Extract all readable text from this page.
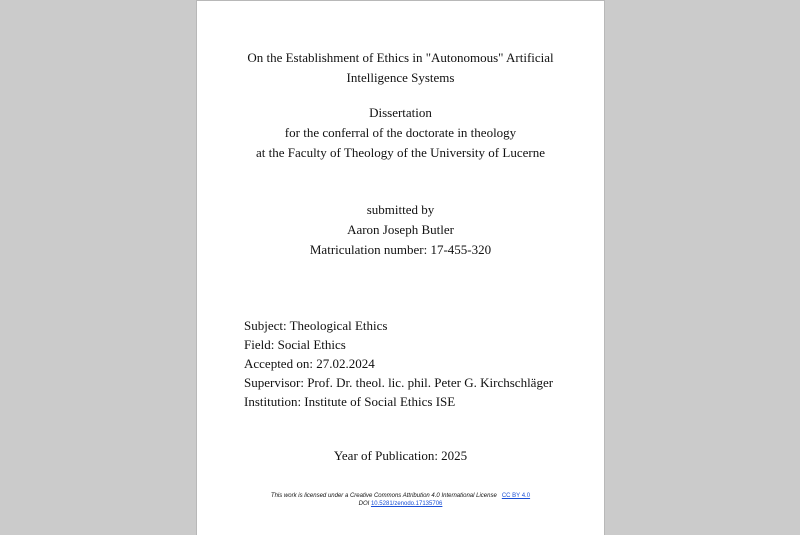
On the Establishment of Ethics in "Autonomous" Artificial
Intelligence Systems
Dissertation
for the conferral of the doctorate in theology
at the Faculty of Theology of the University of Lucerne
submitted by
Aaron Joseph Butler
Matriculation number: 17-455-320
Subject: Theological Ethics
Field: Social Ethics
Accepted on: 27.02.2024
Supervisor: Prof. Dr. theol. lic. phil. Peter G. Kirchschläger
Institution: Institute of Social Ethics ISE
Year of Publication: 2025
This work is licensed under a Creative Commons Attribution 4.0 International License CC BY 4.0
DOI 10.5281/zenodo.17135706
